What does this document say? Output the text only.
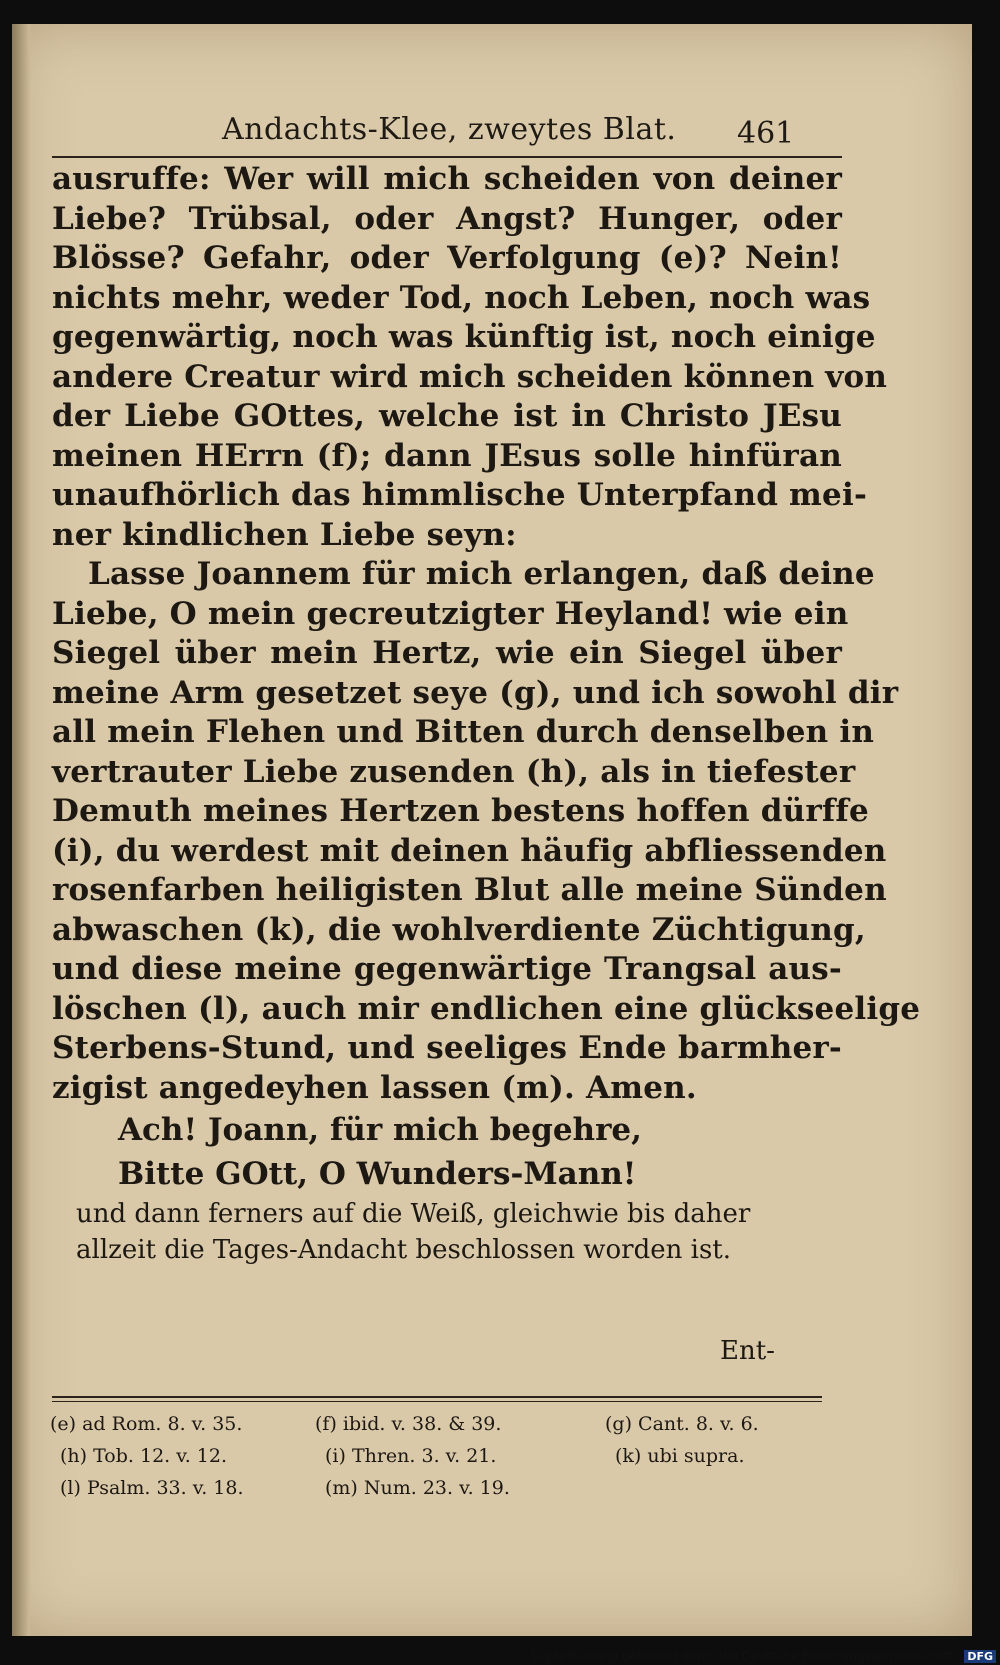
Andachts-Klee, zweytes Blat. 461
ausruffe: Wer will mich scheiden von deiner
Liebe? Trübsal, oder Angst? Hunger, oder
Blösse? Gefahr, oder Verfolgung (e)? Nein!
nichts mehr, weder Tod, noch Leben, noch was
gegenwärtig, noch was künftig ist, noch einige
andere Creatur wird mich scheiden können von
der Liebe GOttes, welche ist in Christo JEsu
meinen HErrn (f); dann JEsus solle hinfüran
unaufhörlich das himmlische Unterpfand mei-
ner kindlichen Liebe seyn:
Lasse Joannem für mich erlangen, daß deine
Liebe, O mein gecreutzigter Heyland! wie ein
Siegel über mein Hertz, wie ein Siegel über
meine Arm gesetzet seye (g), und ich sowohl dir
all mein Flehen und Bitten durch denselben in
vertrauter Liebe zusenden (h), als in tiefester
Demuth meines Hertzen bestens hoffen dürffe
(i), du werdest mit deinen häufig abfliessenden
rosenfarben heiligisten Blut alle meine Sünden
abwaschen (k), die wohlverdiente Züchtigung,
und diese meine gegenwärtige Trangsal aus-
löschen (l), auch mir endlichen eine glückseelige
Sterbens-Stund, und seeliges Ende barmher-
zigist angedeyhen lassen (m). Amen.
Ach! Joann, für mich begehre,
Bitte GOtt, O Wunders-Mann!
und dann ferners auf die Weiß, gleichwie bis daher
allzeit die Tages-Andacht beschlossen worden ist.
Ent-
(e) ad Rom. 8. v. 35.	(f) ibid. v. 38. & 39.	(g) Cant. 8. v. 6.
(h) Tob. 12. v. 12.	(i) Thren. 3. v. 21.	(k) ubi supra.
(l) Psalm. 33. v. 18.	(m) Num. 23. v. 19.
Digitalisierung gefördert durch die Deutsche Forschungsgemeinschaft - DFG
